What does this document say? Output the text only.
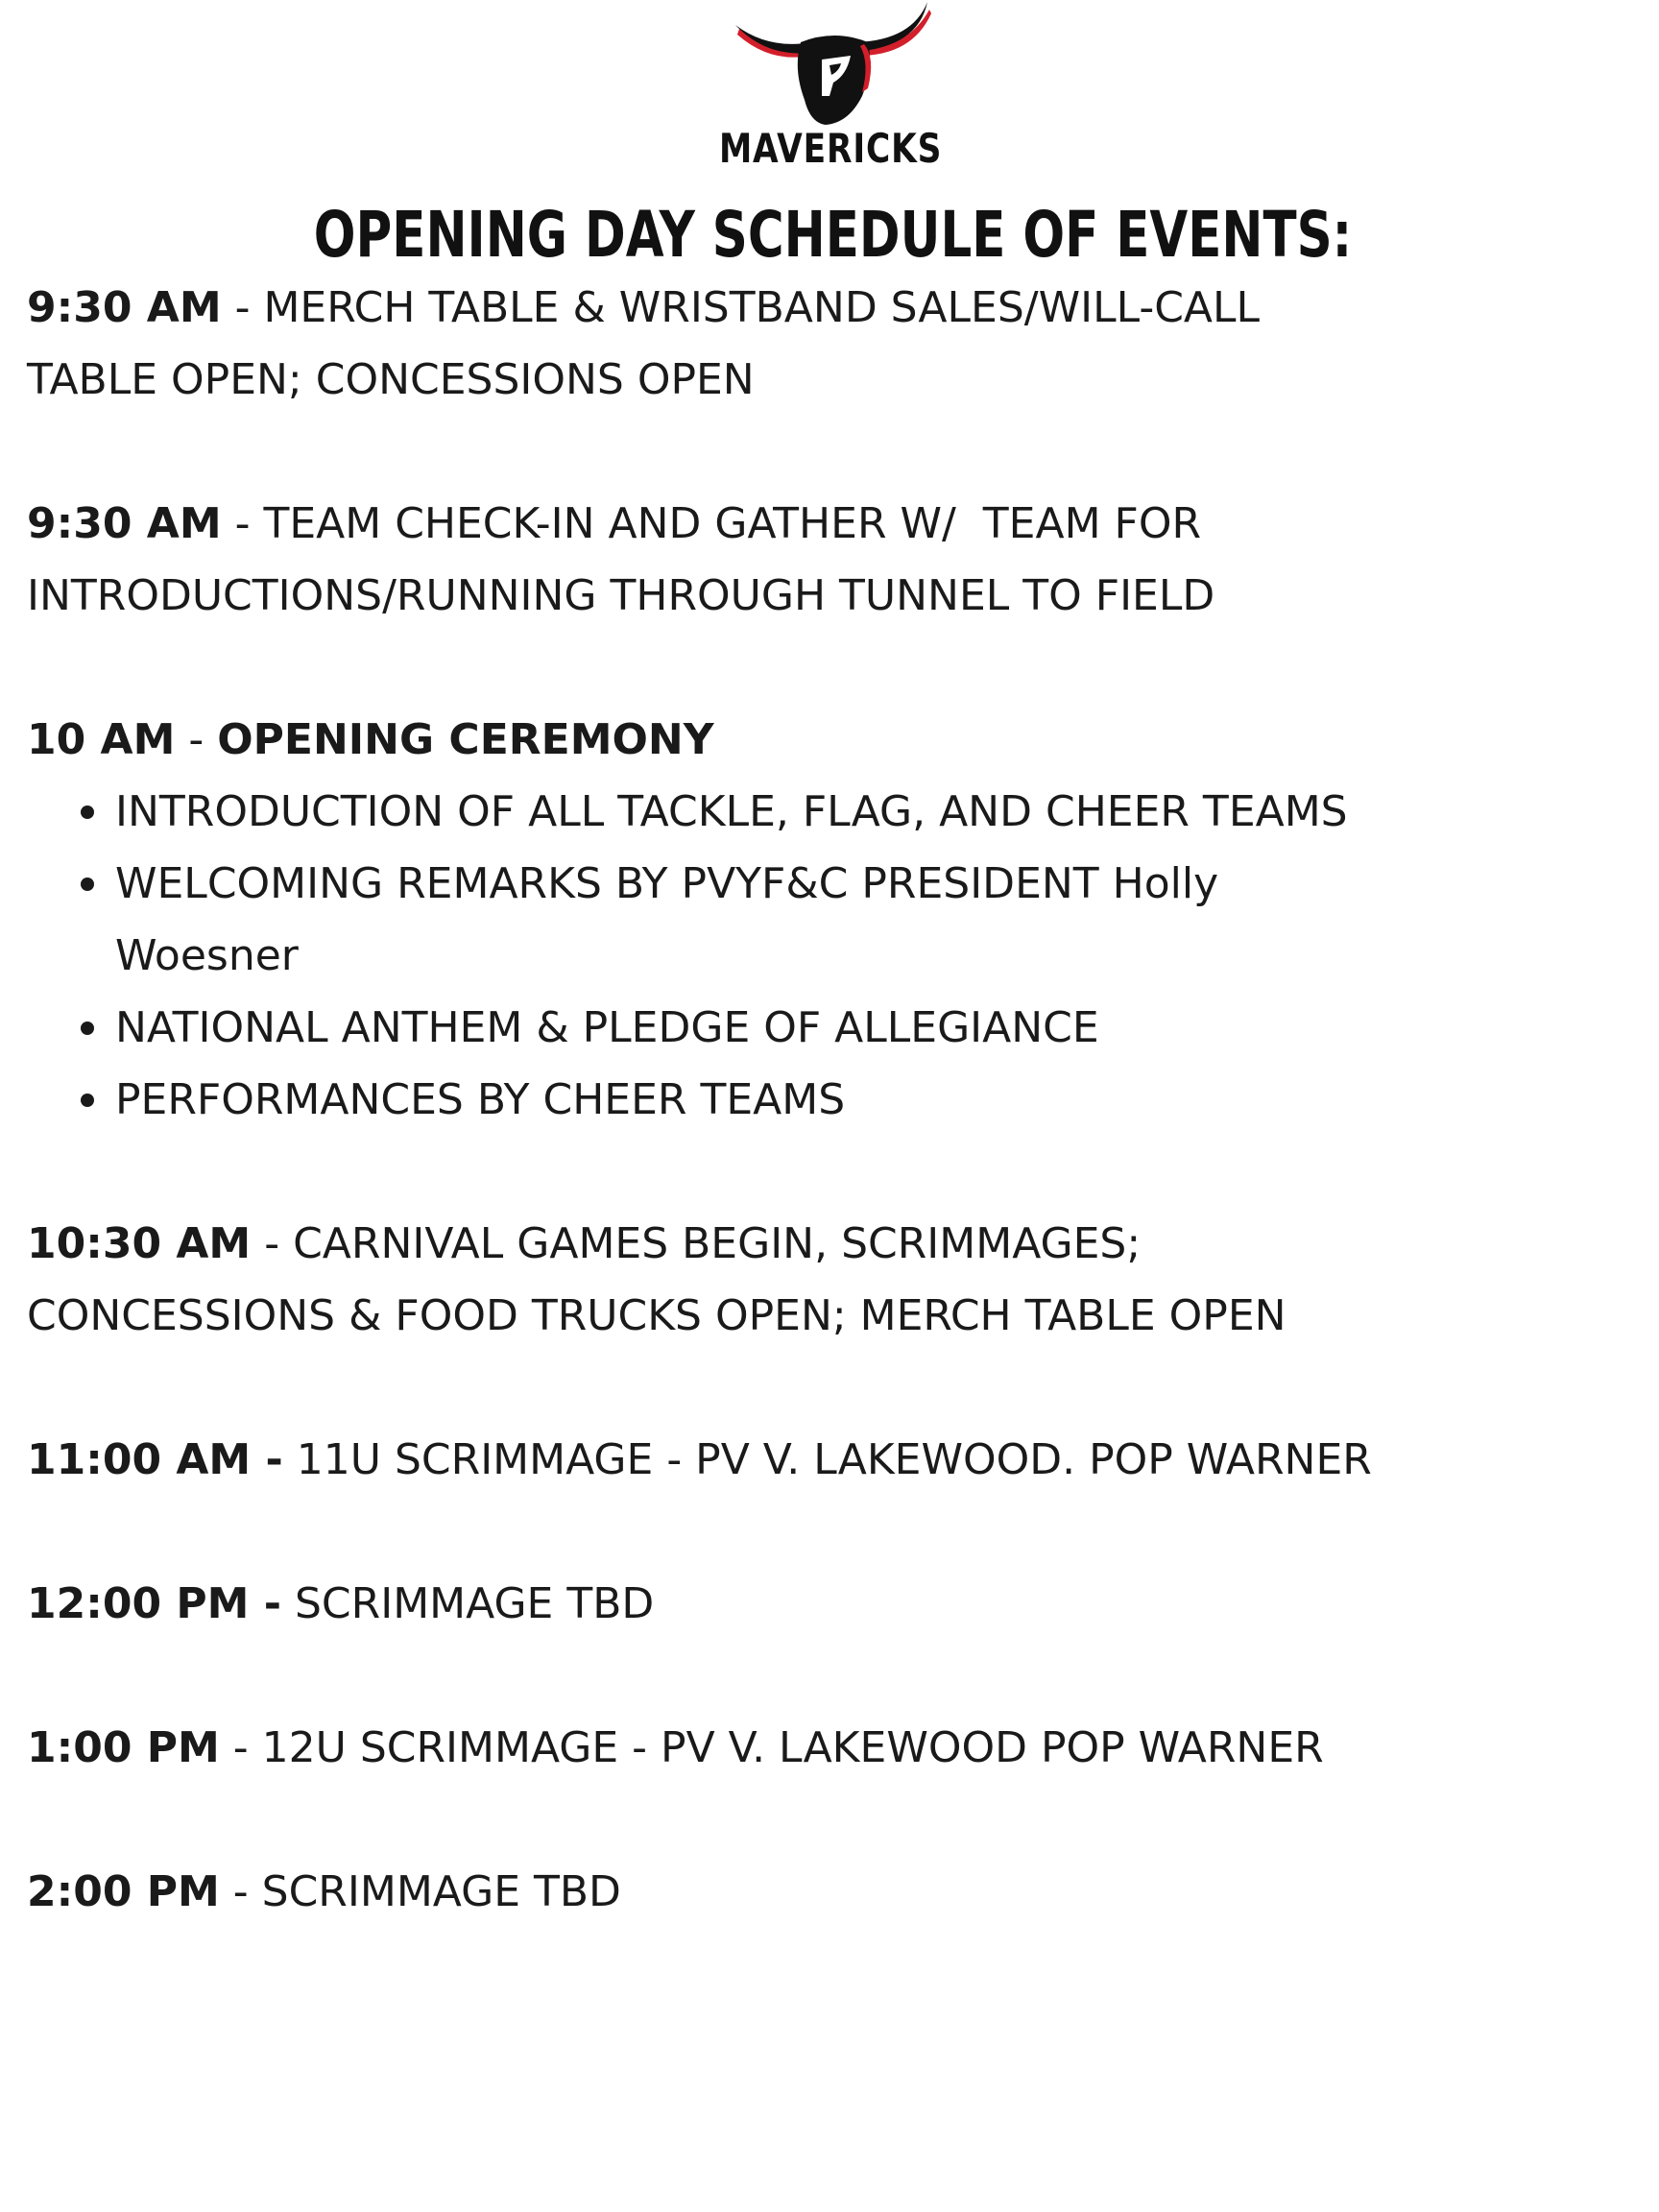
MAVERICKS
OPENING DAY SCHEDULE OF EVENTS:
9:30 AM - MERCH TABLE & WRISTBAND SALES/WILL-CALL
TABLE OPEN; CONCESSIONS OPEN
9:30 AM - TEAM CHECK-IN AND GATHER W/  TEAM FOR
INTRODUCTIONS/RUNNING THROUGH TUNNEL TO FIELD
10 AM - OPENING CEREMONY
INTRODUCTION OF ALL TACKLE, FLAG, AND CHEER TEAMS
WELCOMING REMARKS BY PVYF&C PRESIDENT Holly
Woesner
NATIONAL ANTHEM & PLEDGE OF ALLEGIANCE
PERFORMANCES BY CHEER TEAMS
10:30 AM - CARNIVAL GAMES BEGIN, SCRIMMAGES;
CONCESSIONS & FOOD TRUCKS OPEN; MERCH TABLE OPEN
11:00 AM - 11U SCRIMMAGE - PV V. LAKEWOOD. POP WARNER
12:00 PM - SCRIMMAGE TBD
1:00 PM - 12U SCRIMMAGE - PV V. LAKEWOOD POP WARNER
2:00 PM - SCRIMMAGE TBD
